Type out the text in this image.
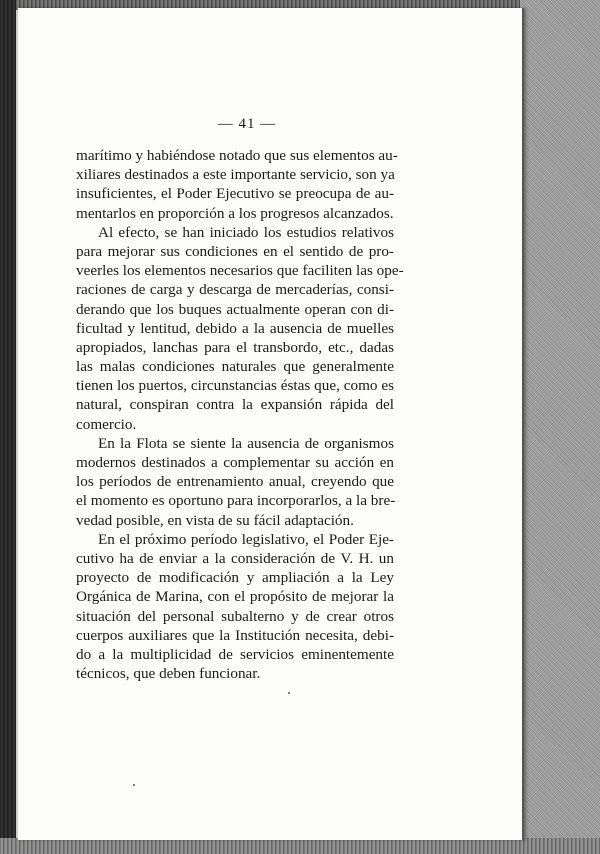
— 41 —
marítimo y habiéndose notado que sus elementos au-
xiliares destinados a este importante servicio, son ya
insuficientes, el Poder Ejecutivo se preocupa de au-
mentarlos en proporción a los progresos alcanzados.
Al efecto, se han iniciado los estudios relativos
para mejorar sus condiciones en el sentido de pro-
veerles los elementos necesarios que faciliten las ope-
raciones de carga y descarga de mercaderías, consi-
derando que los buques actualmente operan con di-
ficultad y lentitud, debido a la ausencia de muelles
apropiados, lanchas para el transbordo, etc., dadas
las malas condiciones naturales que generalmente
tienen los puertos, circunstancias éstas que, como es
natural, conspiran contra la expansión rápida del
comercio.
En la Flota se siente la ausencia de organismos
modernos destinados a complementar su acción en
los períodos de entrenamiento anual, creyendo que
el momento es oportuno para incorporarlos, a la bre-
vedad posible, en vista de su fácil adaptación.
En el próximo período legislativo, el Poder Eje-
cutivo ha de enviar a la consideración de V. H. un
proyecto de modificación y ampliación a la Ley
Orgánica de Marina, con el propósito de mejorar la
situación del personal subalterno y de crear otros
cuerpos auxiliares que la Institución necesita, debi-
do a la multiplicidad de servicios eminentemente
técnicos, que deben funcionar.
